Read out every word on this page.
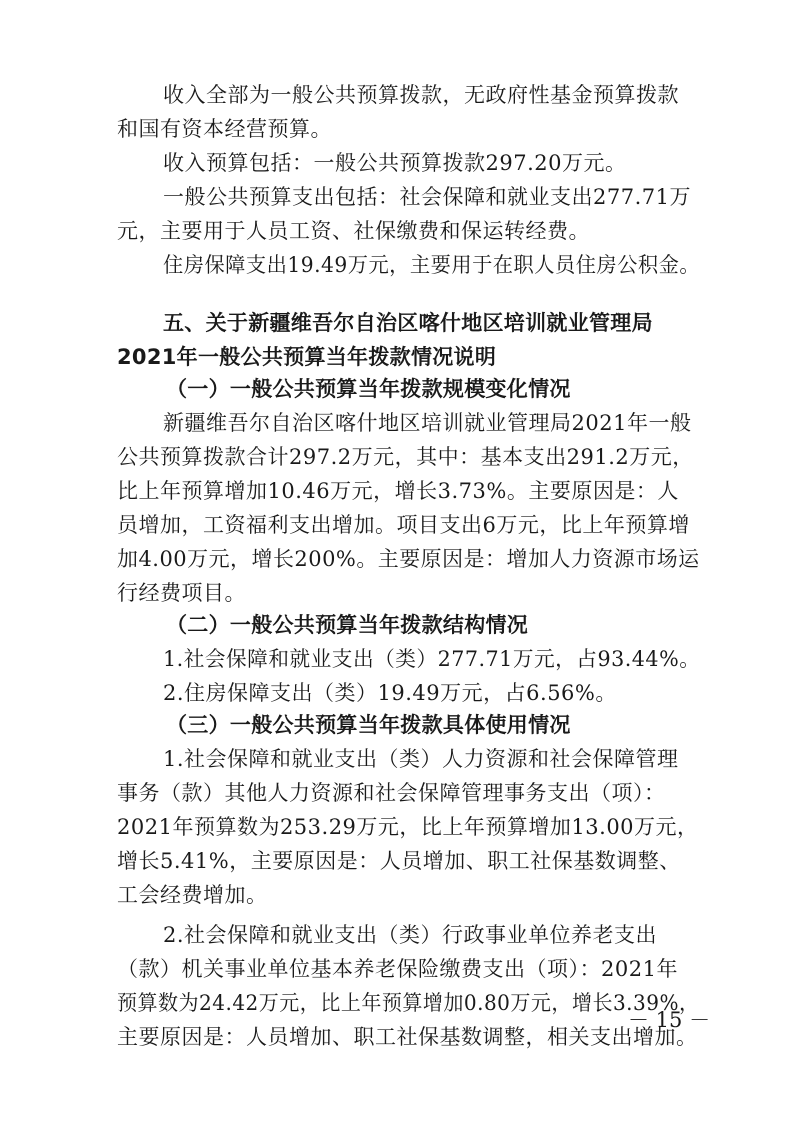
收入全部为一般公共预算拨款，无政府性基金预算拨款
和国有资本经营预算。
收入预算包括：一般公共预算拨款297.20万元。
一般公共预算支出包括：社会保障和就业支出277.71万
元，主要用于人员工资、社保缴费和保运转经费。
住房保障支出19.49万元，主要用于在职人员住房公积金。
五、关于新疆维吾尔自治区喀什地区培训就业管理局
2021年一般公共预算当年拨款情况说明
（一）一般公共预算当年拨款规模变化情况
新疆维吾尔自治区喀什地区培训就业管理局2021年一般
公共预算拨款合计297.2万元，其中：基本支出291.2万元，
比上年预算增加10.46万元，增长3.73%。主要原因是：人
员增加，工资福利支出增加。项目支出6万元，比上年预算增
加4.00万元，增长200%。主要原因是：增加人力资源市场运
行经费项目。
（二）一般公共预算当年拨款结构情况
1.社会保障和就业支出（类）277.71万元，占93.44%。
2.住房保障支出（类）19.49万元，占6.56%。
（三）一般公共预算当年拨款具体使用情况
1.社会保障和就业支出（类）人力资源和社会保障管理
事务（款）其他人力资源和社会保障管理事务支出（项）：
2021年预算数为253.29万元，比上年预算增加13.00万元，
增长5.41%，主要原因是：人员增加、职工社保基数调整、
工会经费增加。
2.社会保障和就业支出（类）行政事业单位养老支出
（款）机关事业单位基本养老保险缴费支出（项）：2021年
预算数为24.42万元，比上年预算增加0.80万元，增长3.39%，
主要原因是：人员增加、职工社保基数调整，相关支出增加。
－ 15 －
